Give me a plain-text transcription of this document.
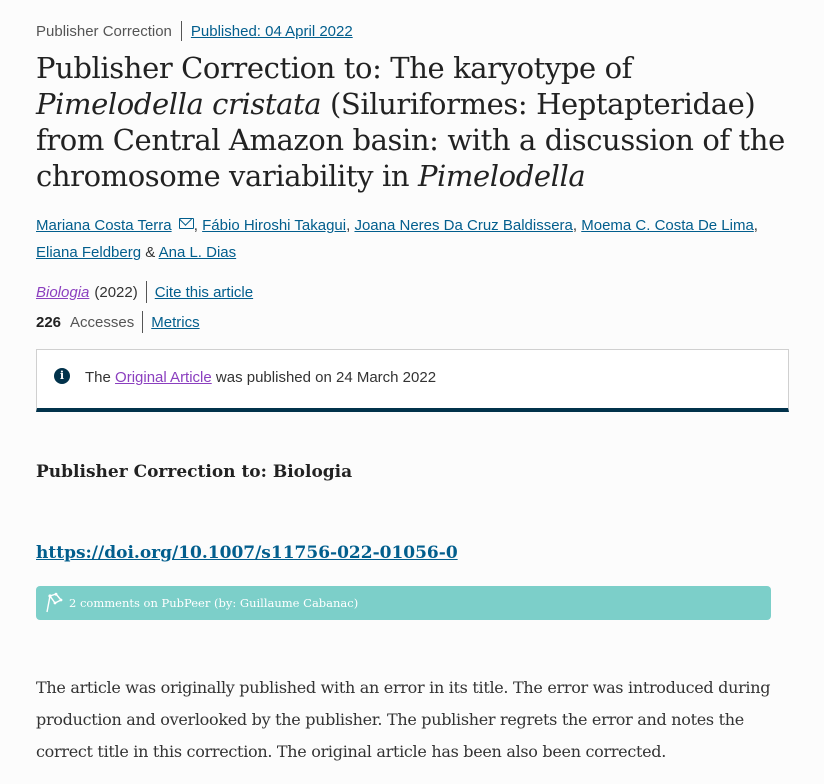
Publisher Correction Published: 04 April 2022
Publisher Correction to: The karyotype of Pimelodella cristata (Siluriformes: Heptapteridae) from Central Amazon basin: with a discussion of the chromosome variability in Pimelodella
Mariana Costa Terra , Fábio Hiroshi Takagui, Joana Neres Da Cruz Baldissera, Moema C. Costa De Lima,
Eliana Feldberg & Ana L. Dias
Biologia (2022) Cite this article
226 Accesses Metrics
i	The Original Article was published on 24 March 2022
Publisher Correction to: Biologia
https://doi.org/10.1007/s11756-022-01056-0
2 comments on PubPeer (by: Guillaume Cabanac)

The article was originally published with an error in its title. The error was introduced during production and overlooked by the publisher. The publisher regrets the error and notes the correct title in this correction. The original article has been also been corrected.
